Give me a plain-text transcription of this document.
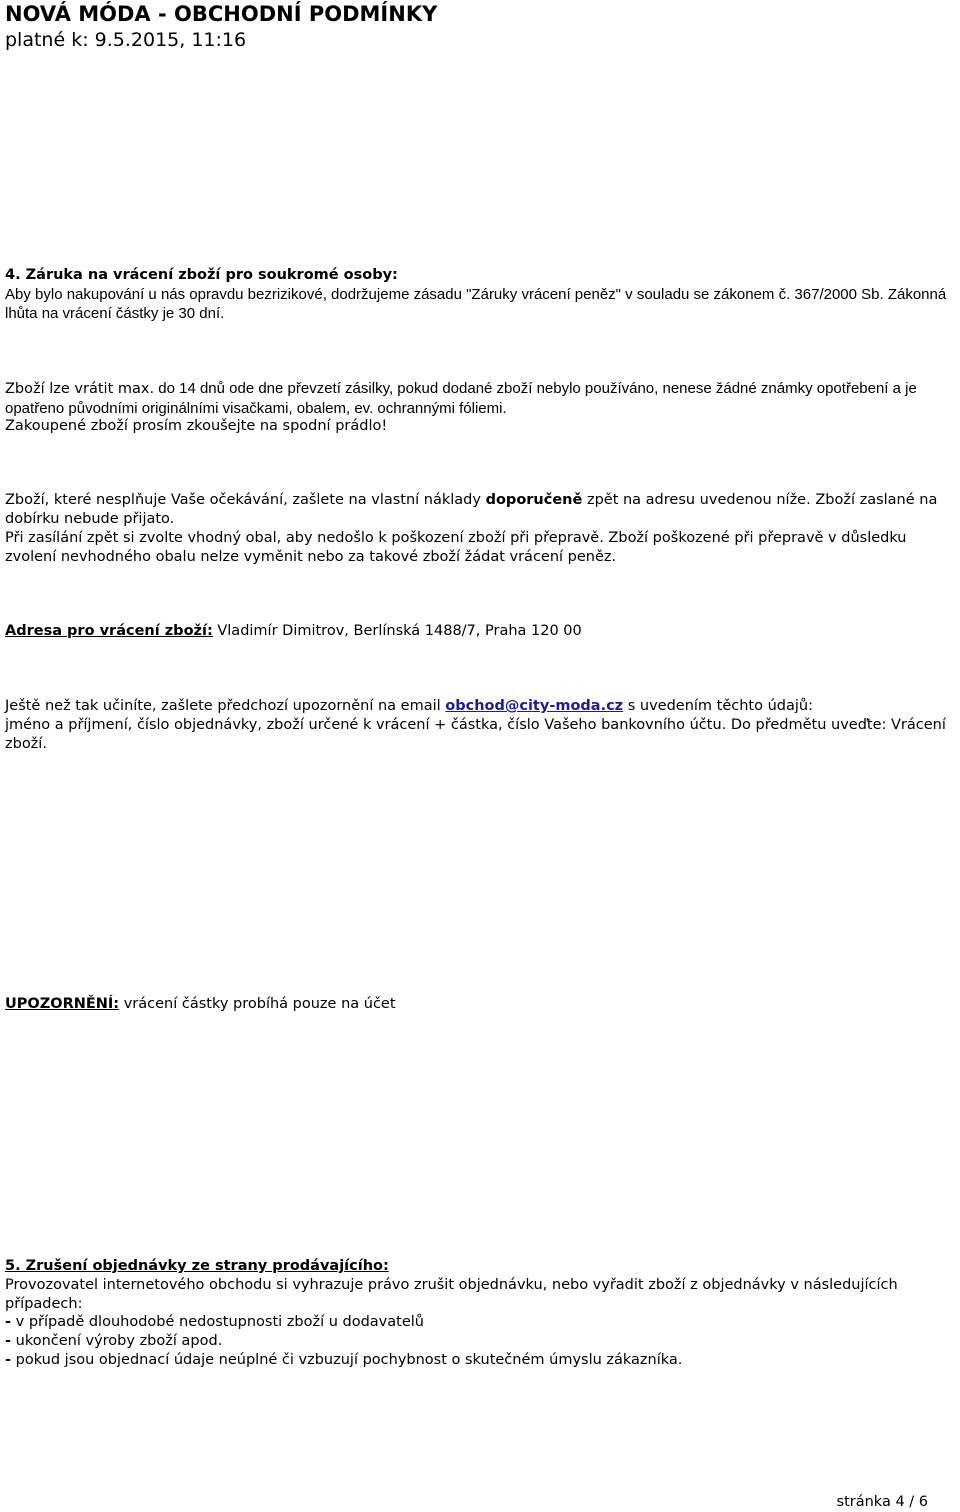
NOVÁ MÓDA - OBCHODNÍ PODMÍNKY
platné k: 9.5.2015, 11:16
4. Záruka na vrácení zboží pro soukromé osoby:

Aby bylo nakupování u nás opravdu bezrizikové, dodržujeme zásadu "Záruky vrácení peněz" v souladu se zákonem č. 367/2000 Sb. Zákonná lhůta na vrácení částky je 30 dní.

Zboží lze vrátit max. do 14 dnů ode dne převzetí zásilky, pokud dodané zboží nebylo používáno, nenese žádné známky opotřebení a je opatřeno původními originálními visačkami, obalem, ev. ochrannými fóliemi.

Zakoupené zboží prosím zkoušejte na spodní prádlo!

Zboží, které nesplňuje Vaše očekávání, zašlete na vlastní náklady doporučeně zpět na adresu uvedenou níže. Zboží zaslané na dobírku nebude přijato.

Při zasílání zpět si zvolte vhodný obal, aby nedošlo k poškození zboží při přepravě. Zboží poškozené při přepravě v důsledku zvolení nevhodného obalu nelze vyměnit nebo za takové zboží žádat vrácení peněz.

Adresa pro vrácení zboží: Vladimír Dimitrov, Berlínská 1488/7, Praha 120 00

Ještě než tak učiníte, zašlete předchozí upozornění na email obchod@city-moda.cz s uvedením těchto údajů:

jméno a příjmení, číslo objednávky, zboží určené k vrácení + částka, číslo Vašeho bankovního účtu. Do předmětu uveďte: Vrácení zboží.

UPOZORNĚNÍ: vrácení částky probíhá pouze na účet

5. Zrušení objednávky ze strany prodávajícího:

Provozovatel internetového obchodu si vyhrazuje právo zrušit objednávku, nebo vyřadit zboží z objednávky v následujících případech:

- v případě dlouhodobé nedostupnosti zboží u dodavatelů

- ukončení výroby zboží apod.

- pokud jsou objednací údaje neúplné či vzbuzují pochybnost o skutečném úmyslu zákazníka.

stránka 4 / 6
